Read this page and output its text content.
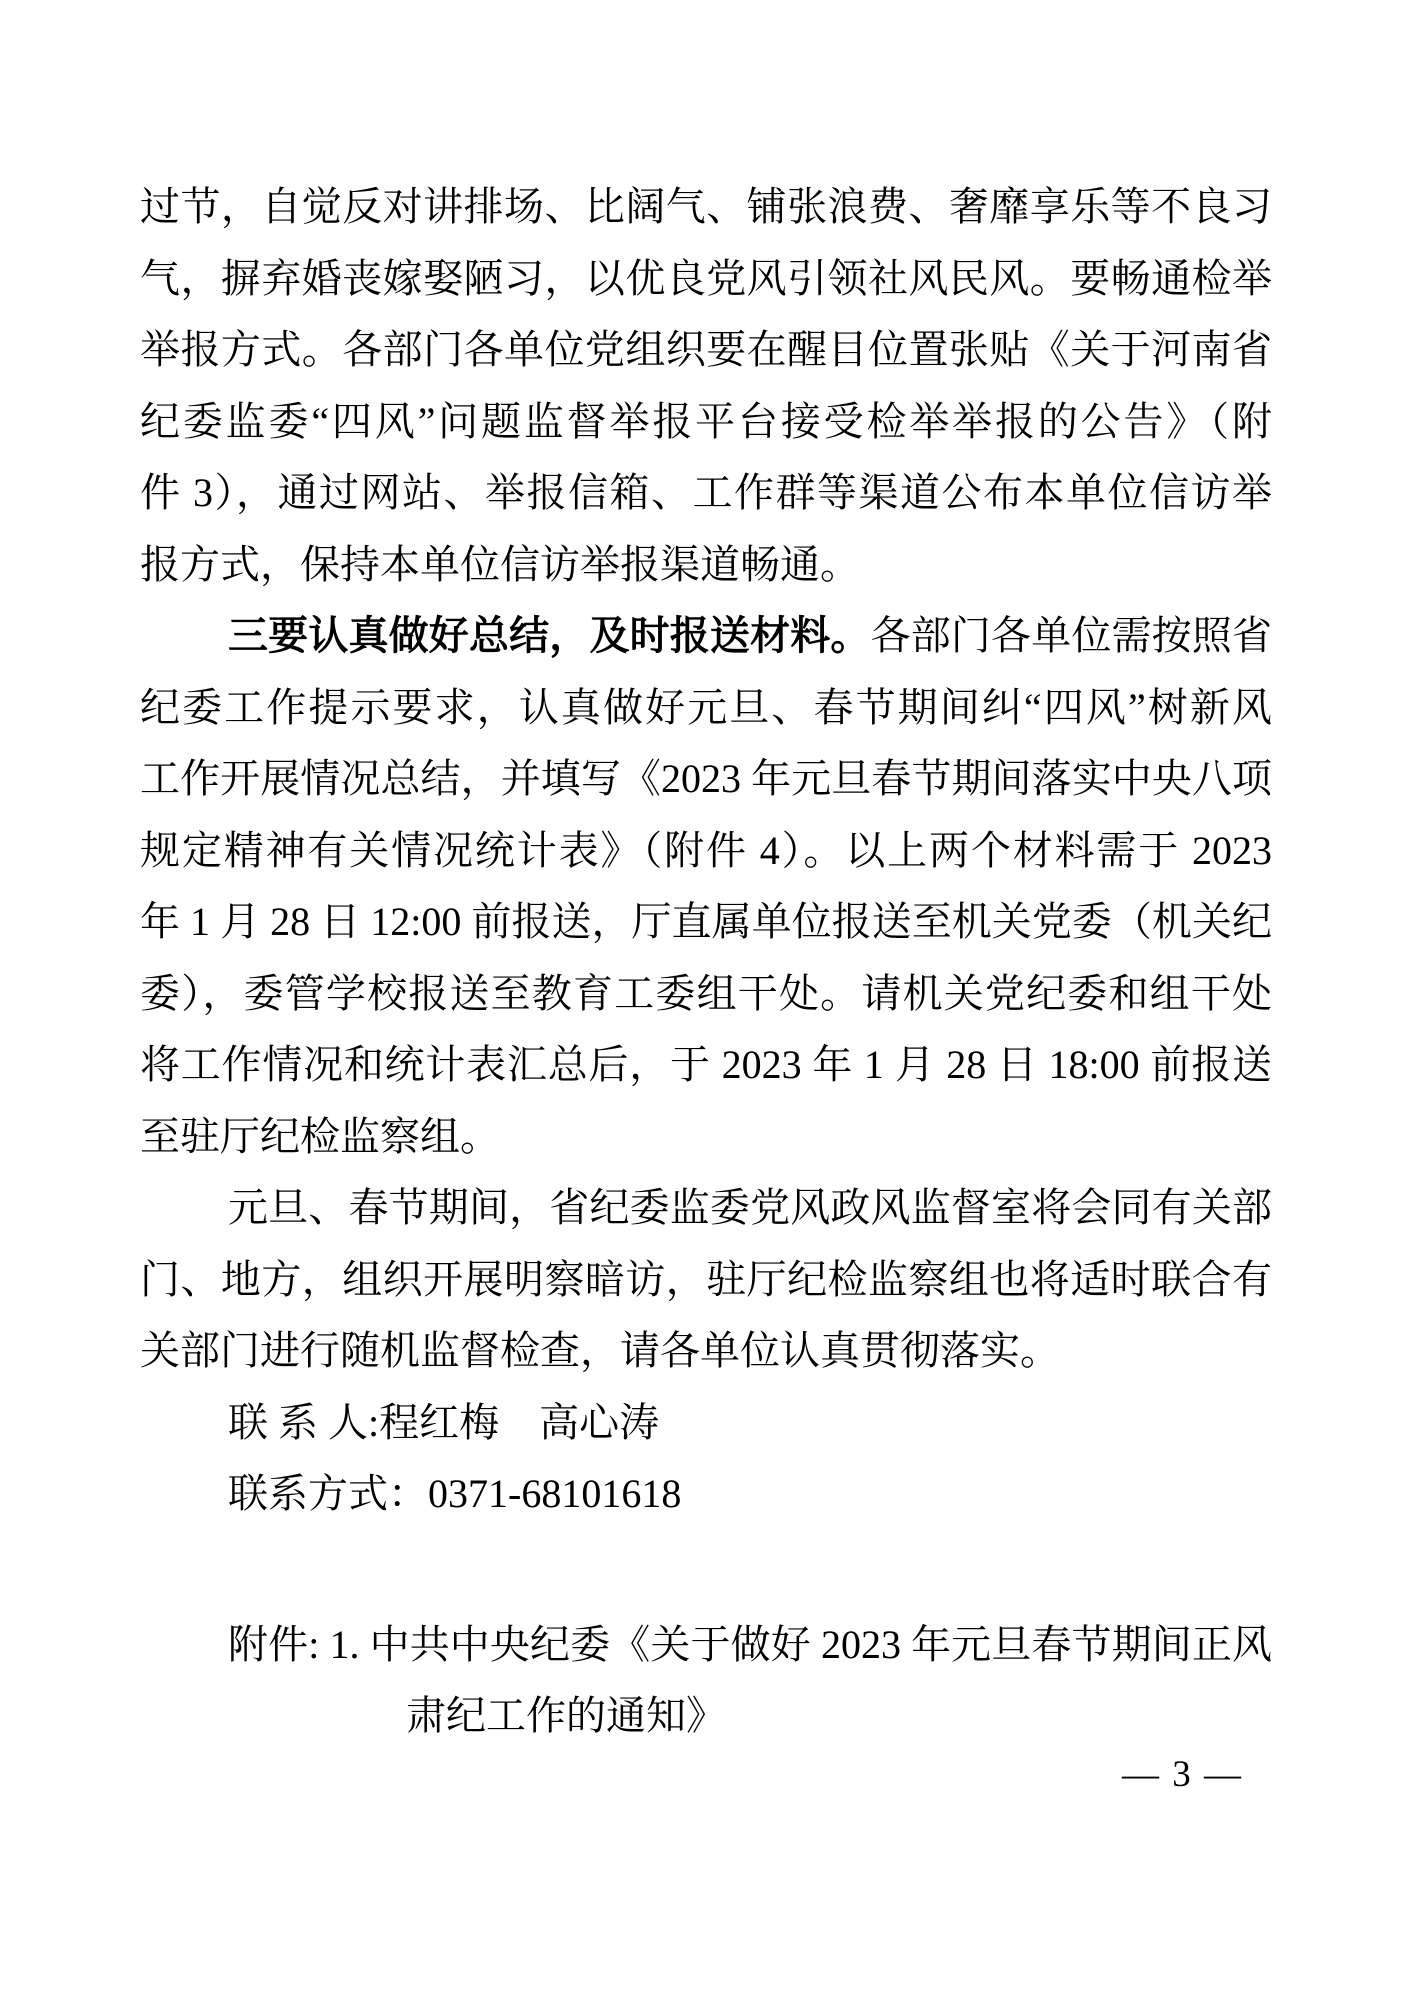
过节，自觉反对讲排场、比阔气、铺张浪费、奢靡享乐等不良习
气，摒弃婚丧嫁娶陋习，以优良党风引领社风民风。要畅通检举
举报方式。各部门各单位党组织要在醒目位置张贴《关于河南省
纪委监委“四风”问题监督举报平台接受检举举报的公告》（附
件 3），通过网站、举报信箱、工作群等渠道公布本单位信访举
报方式，保持本单位信访举报渠道畅通。
三要认真做好总结，及时报送材料。各部门各单位需按照省
纪委工作提示要求，认真做好元旦、春节期间纠“四风”树新风
工作开展情况总结，并填写《2023 年元旦春节期间落实中央八项
规定精神有关情况统计表》（附件 4）。以上两个材料需于 2023
年 1 月 28 日 12:00 前报送，厅直属单位报送至机关党委（机关纪
委），委管学校报送至教育工委组干处。请机关党纪委和组干处
将工作情况和统计表汇总后，于 2023 年 1 月 28 日 18:00 前报送
至驻厅纪检监察组。
元旦、春节期间，省纪委监委党风政风监督室将会同有关部
门、地方，组织开展明察暗访，驻厅纪检监察组也将适时联合有
关部门进行随机监督检查，请各单位认真贯彻落实。
联 系 人:程红梅　高心涛
联系方式：0371-68101618
附件: 1. 中共中央纪委《关于做好 2023 年元旦春节期间正风
肃纪工作的通知》
— 3 —
